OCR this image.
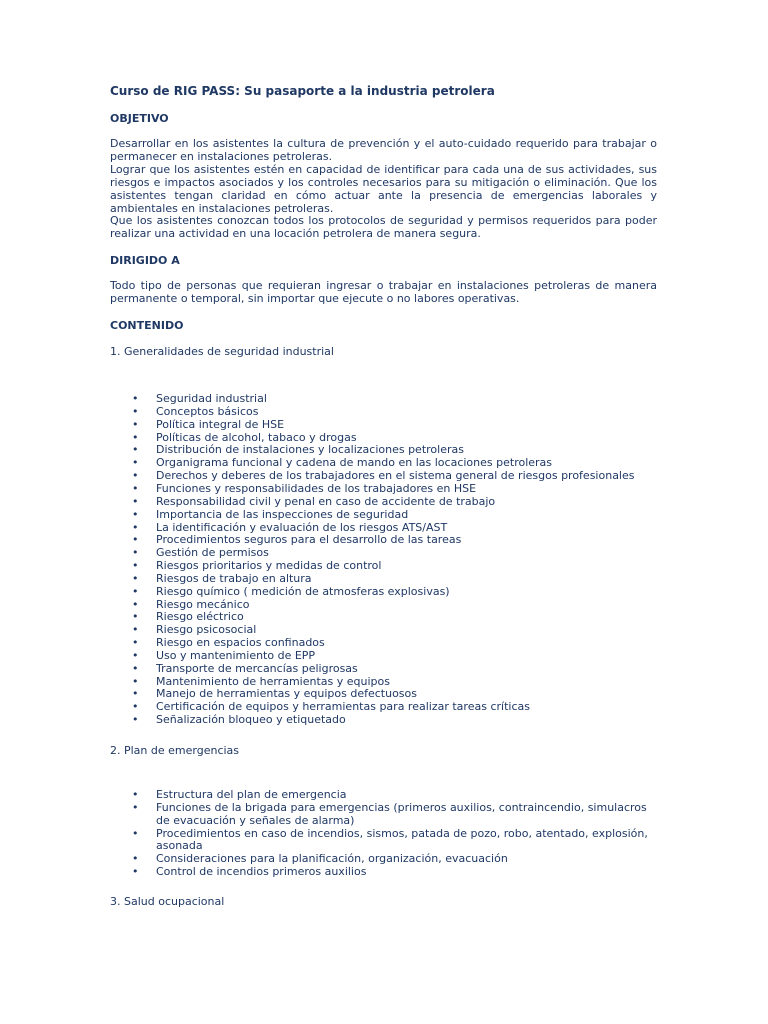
Curso de RIG PASS: Su pasaporte a la industria petrolera
OBJETIVO

Desarrollar en los asistentes la cultura de prevención y el auto-cuidado requerido para trabajar o permanecer en instalaciones petroleras.

Lograr que los asistentes estén en capacidad de identificar para cada una de sus actividades, sus riesgos e impactos asociados y los controles necesarios para su mitigación o eliminación. Que los asistentes tengan claridad en cómo actuar ante la presencia de emergencias laborales y ambientales en instalaciones petroleras.

Que los asistentes conozcan todos los protocolos de seguridad y permisos requeridos para poder realizar una actividad en una locación petrolera de manera segura.

DIRIGIDO A

Todo tipo de personas que requieran ingresar o trabajar en instalaciones petroleras de manera permanente o temporal, sin importar que ejecute o no labores operativas.

CONTENIDO
1. Generalidades de seguridad industrial
• Seguridad industrial
• Conceptos básicos
• Política integral de HSE
• Políticas de alcohol, tabaco y drogas
• Distribución de instalaciones y localizaciones petroleras
• Organigrama funcional y cadena de mando en las locaciones petroleras
• Derechos y deberes de los trabajadores en el sistema general de riesgos profesionales
• Funciones y responsabilidades de los trabajadores en HSE
• Responsabilidad civil y penal en caso de accidente de trabajo
• Importancia de las inspecciones de seguridad
• La identificación y evaluación de los riesgos ATS/AST
• Procedimientos seguros para el desarrollo de las tareas
• Gestión de permisos
• Riesgos prioritarios y medidas de control
• Riesgos de trabajo en altura
• Riesgo químico ( medición de atmosferas explosivas)
• Riesgo mecánico
• Riesgo eléctrico
• Riesgo psicosocial
• Riesgo en espacios confinados
• Uso y mantenimiento de EPP
• Transporte de mercancías peligrosas
• Mantenimiento de herramientas y equipos
• Manejo de herramientas y equipos defectuosos
• Certificación de equipos y herramientas para realizar tareas críticas
• Señalización bloqueo y etiquetado
2. Plan de emergencias
• Estructura del plan de emergencia
• Funciones de la brigada para emergencias (primeros auxilios, contraincendio, simulacros de evacuación y señales de alarma)
• Procedimientos en caso de incendios, sismos, patada de pozo, robo, atentado, explosión, asonada
• Consideraciones para la planificación, organización, evacuación
• Control de incendios primeros auxilios
3. Salud ocupacional
